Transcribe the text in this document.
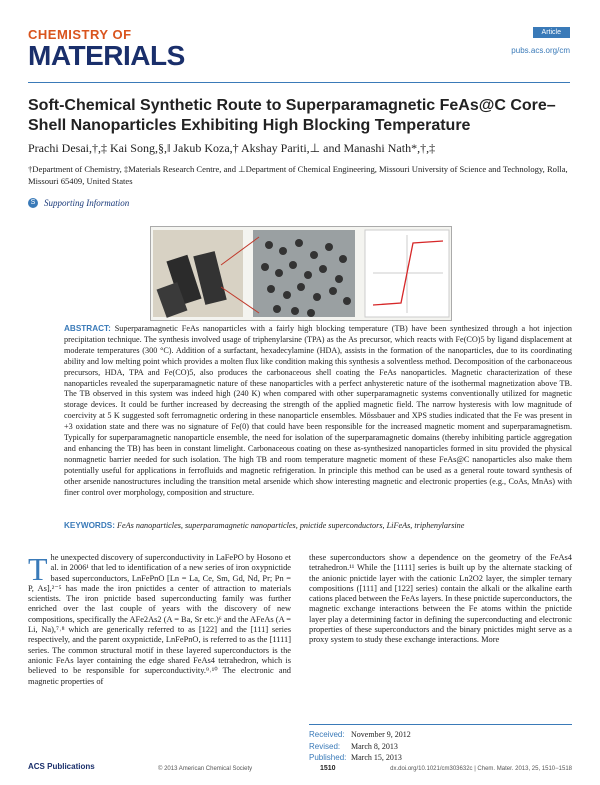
CHEMISTRY OF
MATERIALS
Article
pubs.acs.org/cm
Soft-Chemical Synthetic Route to Superparamagnetic FeAs@C Core–Shell Nanoparticles Exhibiting High Blocking Temperature
Prachi Desai,†,‡ Kai Song,§,‖ Jakub Koza,† Akshay Pariti,⊥ and Manashi Nath*,†,‡
†Department of Chemistry, ‡Materials Research Centre, and ⊥Department of Chemical Engineering, Missouri University of Science and Technology, Rolla, Missouri 65409, United States
S Supporting Information
ABSTRACT: Superparamagnetic FeAs nanoparticles with a fairly high blocking temperature (TB) have been synthesized through a hot injection precipitation technique. The synthesis involved usage of triphenylarsine (TPA) as the As precursor, which reacts with Fe(CO)5 by ligand displacement at moderate temperatures (300 °C). Addition of a surfactant, hexadecylamine (HDA), assists in the formation of the nanoparticles, due to its coordinating ability and low melting point which provides a molten flux like condition making this synthesis a solventless method. Decomposition of the carbonaceous precursors, HDA, TPA and Fe(CO)5, also produces the carbonaceous shell coating the FeAs nanoparticles. Magnetic characterization of these nanoparticles revealed the superparamagnetic nature of these nanoparticles with a perfect anhysteretic nature of the isothermal magnetization above TB. The TB observed in this system was indeed high (240 K) when compared with other superparamagnetic systems conventionally utilized for magnetic storage devices. It could be further increased by decreasing the strength of the applied magnetic field. The narrow hysteresis with low magnitude of coercivity at 5 K suggested soft ferromagnetic ordering in these nanoparticle ensembles. Mössbauer and XPS studies indicated that the Fe was present in +3 oxidation state and there was no signature of Fe(0) that could have been responsible for the increased magnetic moment and superparamagnetism. Typically for superparamagnetic nanoparticle ensemble, the need for isolation of the superparamagnetic domains (thereby inhibiting particle aggregation and enhancing the TB) has been in constant limelight. Carbonaceous coating on these as-synthesized nanoparticles formed in situ provided the physical nonmagnetic barrier needed for such isolation. The high TB and room temperature magnetic moment of these FeAs@C nanoparticles also make them potentially useful for applications in ferrofluids and magnetic refrigeration. In principle this method can be used as a general route toward synthesis of other arsenide nanostructures including the transition metal arsenide which show interesting magnetic and electronic properties (e.g., CoAs, MnAs) with finer control over morphology, composition and structure.
KEYWORDS: FeAs nanoparticles, superparamagnetic nanoparticles, pnictide superconductors, LiFeAs, triphenylarsine
T he unexpected discovery of superconductivity in LaFePO by Hosono et al. in 2006¹ that led to identification of a new series of iron oxypnictide based superconductors, LnFePnO [Ln = La, Ce, Sm, Gd, Nd, Pr; Pn = P, As],²⁻⁵ has made the iron pnictides a center of attraction to materials scientists. The iron pnictide based superconducting family was further enriched over the last couple of years with the discovery of new compositions, specifically the AFe2As2 (A = Ba, Sr etc.)⁶ and the AFeAs (A = Li, Na),⁷˒⁸ which are generically referred to as [122] and the [111] series respectively, and the parent oxypnictide, LnFePnO, is referred to as the [1111] series. The common structural motif in these layered superconductors is the anionic FeAs layer containing the edge shared FeAs4 tetrahedron, which is believed to be responsible for superconductivity.⁹˒¹⁰ The electronic and magnetic properties of
these superconductors show a dependence on the geometry of the FeAs4 tetrahedron.¹¹ While the [1111] series is built up by the alternate stacking of the anionic pnictide layer with the cationic Ln2O2 layer, the simpler ternary compositions ([111] and [122] series) contain the alkali or the alkaline earth cations placed between the FeAs layers. In these pnictide superconductors, the magnetic exchange interactions between the Fe atoms within the pnictide layer play a determining factor in defining the superconducting and electronic properties of these superconductors and the binary pnictides might serve as a proxy system to study these exchange interactions. More
Received: November 9, 2012
Revised: March 8, 2013
Published: March 15, 2013
ACS Publications	© 2013 American Chemical Society	1510	dx.doi.org/10.1021/cm303632c | Chem. Mater. 2013, 25, 1510−1518
